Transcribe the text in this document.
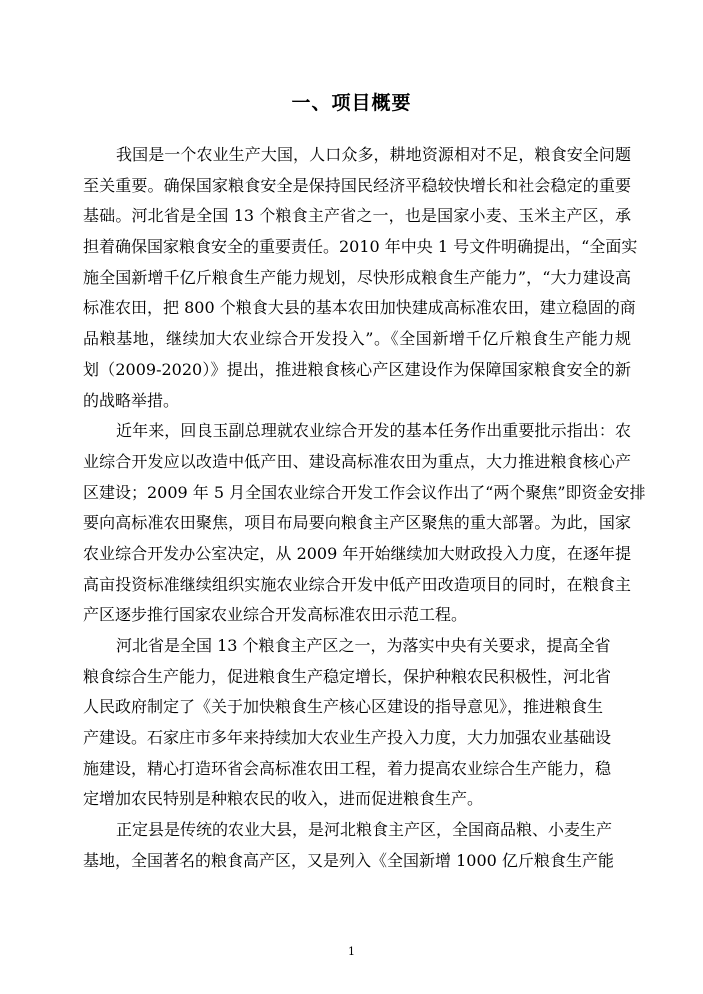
一、项目概要
我国是一个农业生产大国，人口众多，耕地资源相对不足，粮食安全问题
至关重要。确保国家粮食安全是保持国民经济平稳较快增长和社会稳定的重要
基础。河北省是全国 13 个粮食主产省之一，也是国家小麦、玉米主产区，承
担着确保国家粮食安全的重要责任。2010 年中央 1 号文件明确提出，“全面实
施全国新增千亿斤粮食生产能力规划，尽快形成粮食生产能力”，“大力建设高
标准农田，把 800 个粮食大县的基本农田加快建成高标准农田，建立稳固的商
品粮基地，继续加大农业综合开发投入”。《全国新增千亿斤粮食生产能力规
划（2009-2020）》提出，推进粮食核心产区建设作为保障国家粮食安全的新
的战略举措。
近年来，回良玉副总理就农业综合开发的基本任务作出重要批示指出：农
业综合开发应以改造中低产田、建设高标准农田为重点，大力推进粮食核心产
区建设；2009 年 5 月全国农业综合开发工作会议作出了“两个聚焦”即资金安排
要向高标准农田聚焦，项目布局要向粮食主产区聚焦的重大部署。为此，国家
农业综合开发办公室决定，从 2009 年开始继续加大财政投入力度，在逐年提
高亩投资标准继续组织实施农业综合开发中低产田改造项目的同时，在粮食主
产区逐步推行国家农业综合开发高标准农田示范工程。
河北省是全国 13 个粮食主产区之一，为落实中央有关要求，提高全省
粮食综合生产能力，促进粮食生产稳定增长，保护种粮农民积极性，河北省
人民政府制定了《关于加快粮食生产核心区建设的指导意见》，推进粮食生
产建设。石家庄市多年来持续加大农业生产投入力度，大力加强农业基础设
施建设，精心打造环省会高标准农田工程，着力提高农业综合生产能力，稳
定增加农民特别是种粮农民的收入，进而促进粮食生产。
正定县是传统的农业大县，是河北粮食主产区，全国商品粮、小麦生产
基地，全国著名的粮食高产区，又是列入《全国新增 1000 亿斤粮食生产能
1
